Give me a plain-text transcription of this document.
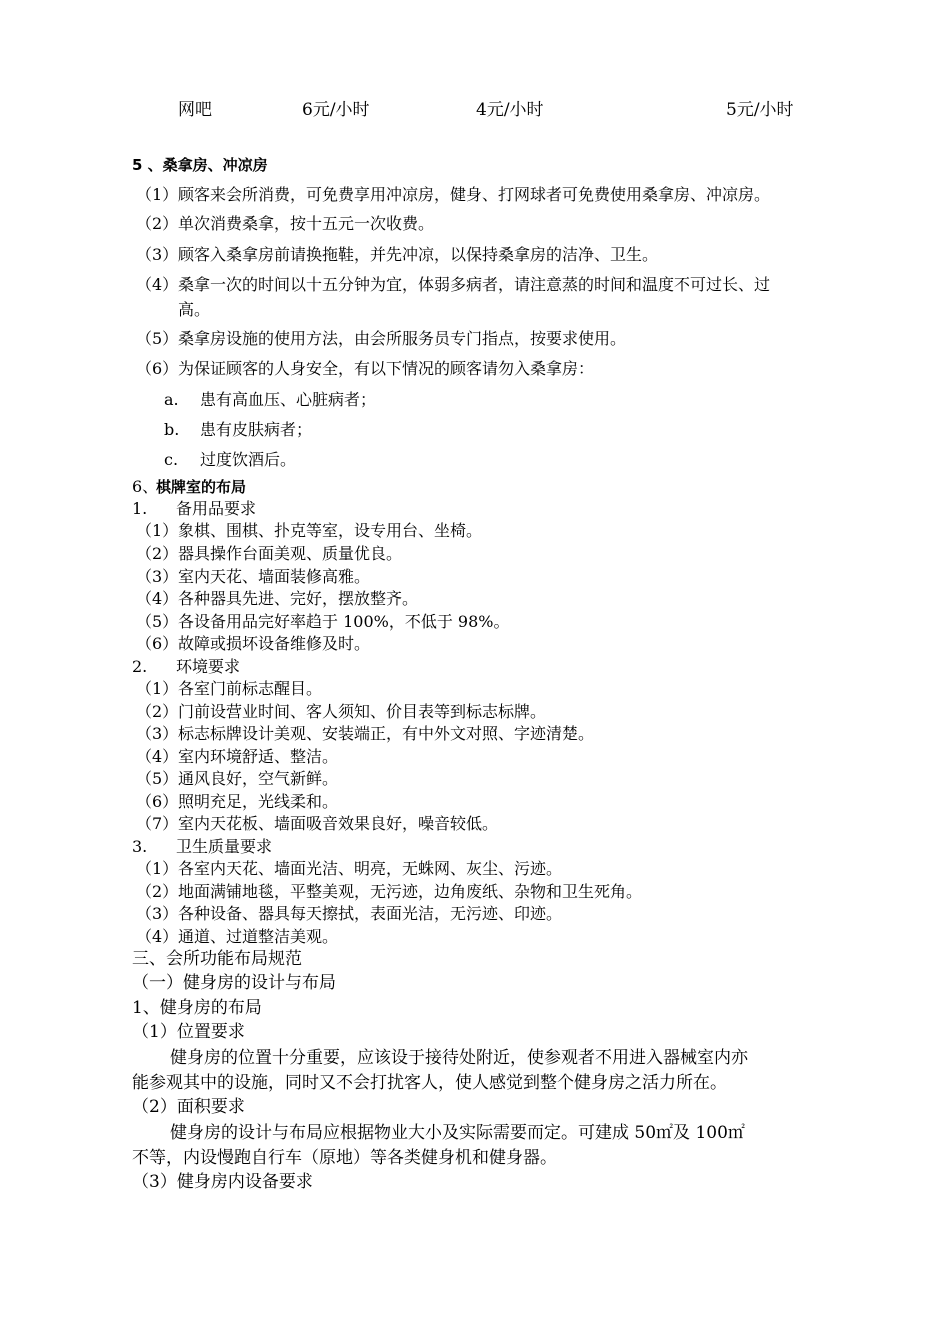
网吧	6元/小时	4元/小时	5元/小时
5 、桑拿房、冲凉房
（1） 顾客来会所消费，可免费享用冲凉房，健身、打网球者可免费使用桑拿房、冲凉房。
（2） 单次消费桑拿，按十五元一次收费。
（3） 顾客入桑拿房前请换拖鞋，并先冲凉，以保持桑拿房的洁净、卫生。
（4） 桑拿一次的时间以十五分钟为宜，体弱多病者，请注意蒸的时间和温度不可过长、过
高。
（5） 桑拿房设施的使用方法，由会所服务员专门指点，按要求使用。
（6） 为保证顾客的人身安全，有以下情况的顾客请勿入桑拿房：
a. 患有高血压、心脏病者；
b. 患有皮肤病者；
c. 过度饮酒后。
6、
棋牌室的布局
1. 备用品要求
（1） 象棋、围棋、扑克等室，设专用台、坐椅。
（2） 器具操作台面美观、质量优良。
（3） 室内天花、墙面装修高雅。
（4） 各种器具先进、完好，摆放整齐。
（5） 各设备用品完好率趋于 100%，不低于 98%。
（6） 故障或损坏设备维修及时。
2. 环境要求
（1） 各室门前标志醒目。
（2） 门前设营业时间、客人须知、价目表等到标志标牌。
（3） 标志标牌设计美观、安装端正，有中外文对照、字迹清楚。
（4） 室内环境舒适、整洁。
（5） 通风良好，空气新鲜。
（6） 照明充足，光线柔和。
（7） 室内天花板、墙面吸音效果良好，噪音较低。
3. 卫生质量要求
（1） 各室内天花、墙面光洁、明亮，无蛛网、灰尘、污迹。
（2） 地面满铺地毯，平整美观，无污迹，边角废纸、杂物和卫生死角。
（3） 各种设备、器具每天擦拭，表面光洁，无污迹、印迹。
（4） 通道、过道整洁美观。
三、会所功能布局规范
（一）健身房的设计与布局
1、健身房的布局
（1）位置要求
健身房的位置十分重要，应该设于接待处附近，使参观者不用进入器械室内亦
能参观其中的设施，同时又不会打扰客人，使人感觉到整个健身房之活力所在。
（2）面积要求
健身房的设计与布局应根据物业大小及实际需要而定。可建成 50㎡及 100㎡
不等，内设慢跑自行车（原地）等各类健身机和健身器。
（3）健身房内设备要求
